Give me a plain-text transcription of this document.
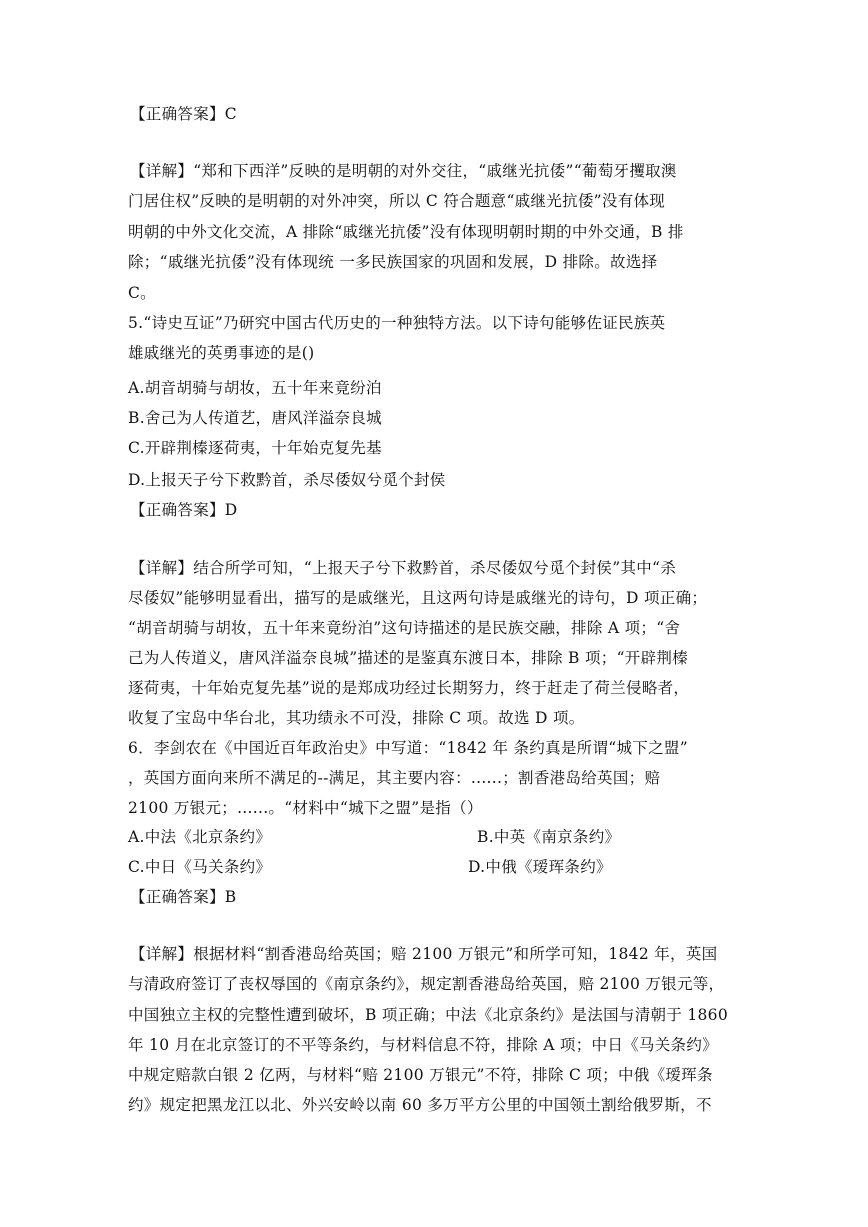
【正确答案】C
【详解】“郑和下西洋”反映的是明朝的对外交往，“戚继光抗倭”“葡萄牙攫取澳
门居住权”反映的是明朝的对外冲突，所以 C 符合题意“戚继光抗倭”没有体现
明朝的中外文化交流，A 排除“戚继光抗倭”没有体现明朝时期的中外交通，B 排
除；“戚继光抗倭”没有体现统 一多民族国家的巩固和发展，D 排除。故选择
C。
5.“诗史互证”乃研究中国古代历史的一种独特方法。以下诗句能够佐证民族英
雄戚继光的英勇事迹的是()
A.胡音胡骑与胡妆，五十年来竟纷泊
B.舍己为人传道艺，唐风洋溢奈良城
C.开辟荆榛逐荷夷，十年始克复先基
D.上报天子兮下救黔首，杀尽倭奴兮觅个封侯
【正确答案】D
【详解】结合所学可知，“上报天子兮下救黔首，杀尽倭奴兮觅个封侯”其中“杀
尽倭奴”能够明显看出，描写的是戚继光，且这两句诗是戚继光的诗句，D 项正确；
“胡音胡骑与胡妆，五十年来竟纷泊”这句诗描述的是民族交融，排除 A 项；“舍
己为人传道义，唐风洋溢奈良城”描述的是鉴真东渡日本，排除 B 项；“开辟荆榛
逐荷夷，十年始克复先基”说的是郑成功经过长期努力，终于赶走了荷兰侵略者，
收复了宝岛中华台北，其功绩永不可没，排除 C 项。故选 D 项。
6．李剑农在《中国近百年政治史》中写道：“1842 年 条约真是所谓“城下之盟”
，英国方面向来所不满足的--满足，其主要内容：......；割香港岛给英国；赔
2100 万银元；......。“材料中“城下之盟”是指（）
A.中法《北京条约》	B.中英《南京条约》
C.中日《马关条约》	D.中俄《瑷珲条约》
【正确答案】B
【详解】根据材料“割香港岛给英国；赔 2100 万银元”和所学可知，1842 年，英国
与清政府签订了丧权辱国的《南京条约》，规定割香港岛给英国，赔 2100 万银元等，
中国独立主权的完整性遭到破坏，B 项正确；中法《北京条约》是法国与清朝于 1860
年 10 月在北京签订的不平等条约，与材料信息不符，排除 A 项；中日《马关条约》
中规定赔款白银 2 亿两，与材料“赔 2100 万银元”不符，排除 C 项；中俄《瑷珲条
约》规定把黑龙江以北、外兴安岭以南 60 多万平方公里的中国领土割给俄罗斯，不
